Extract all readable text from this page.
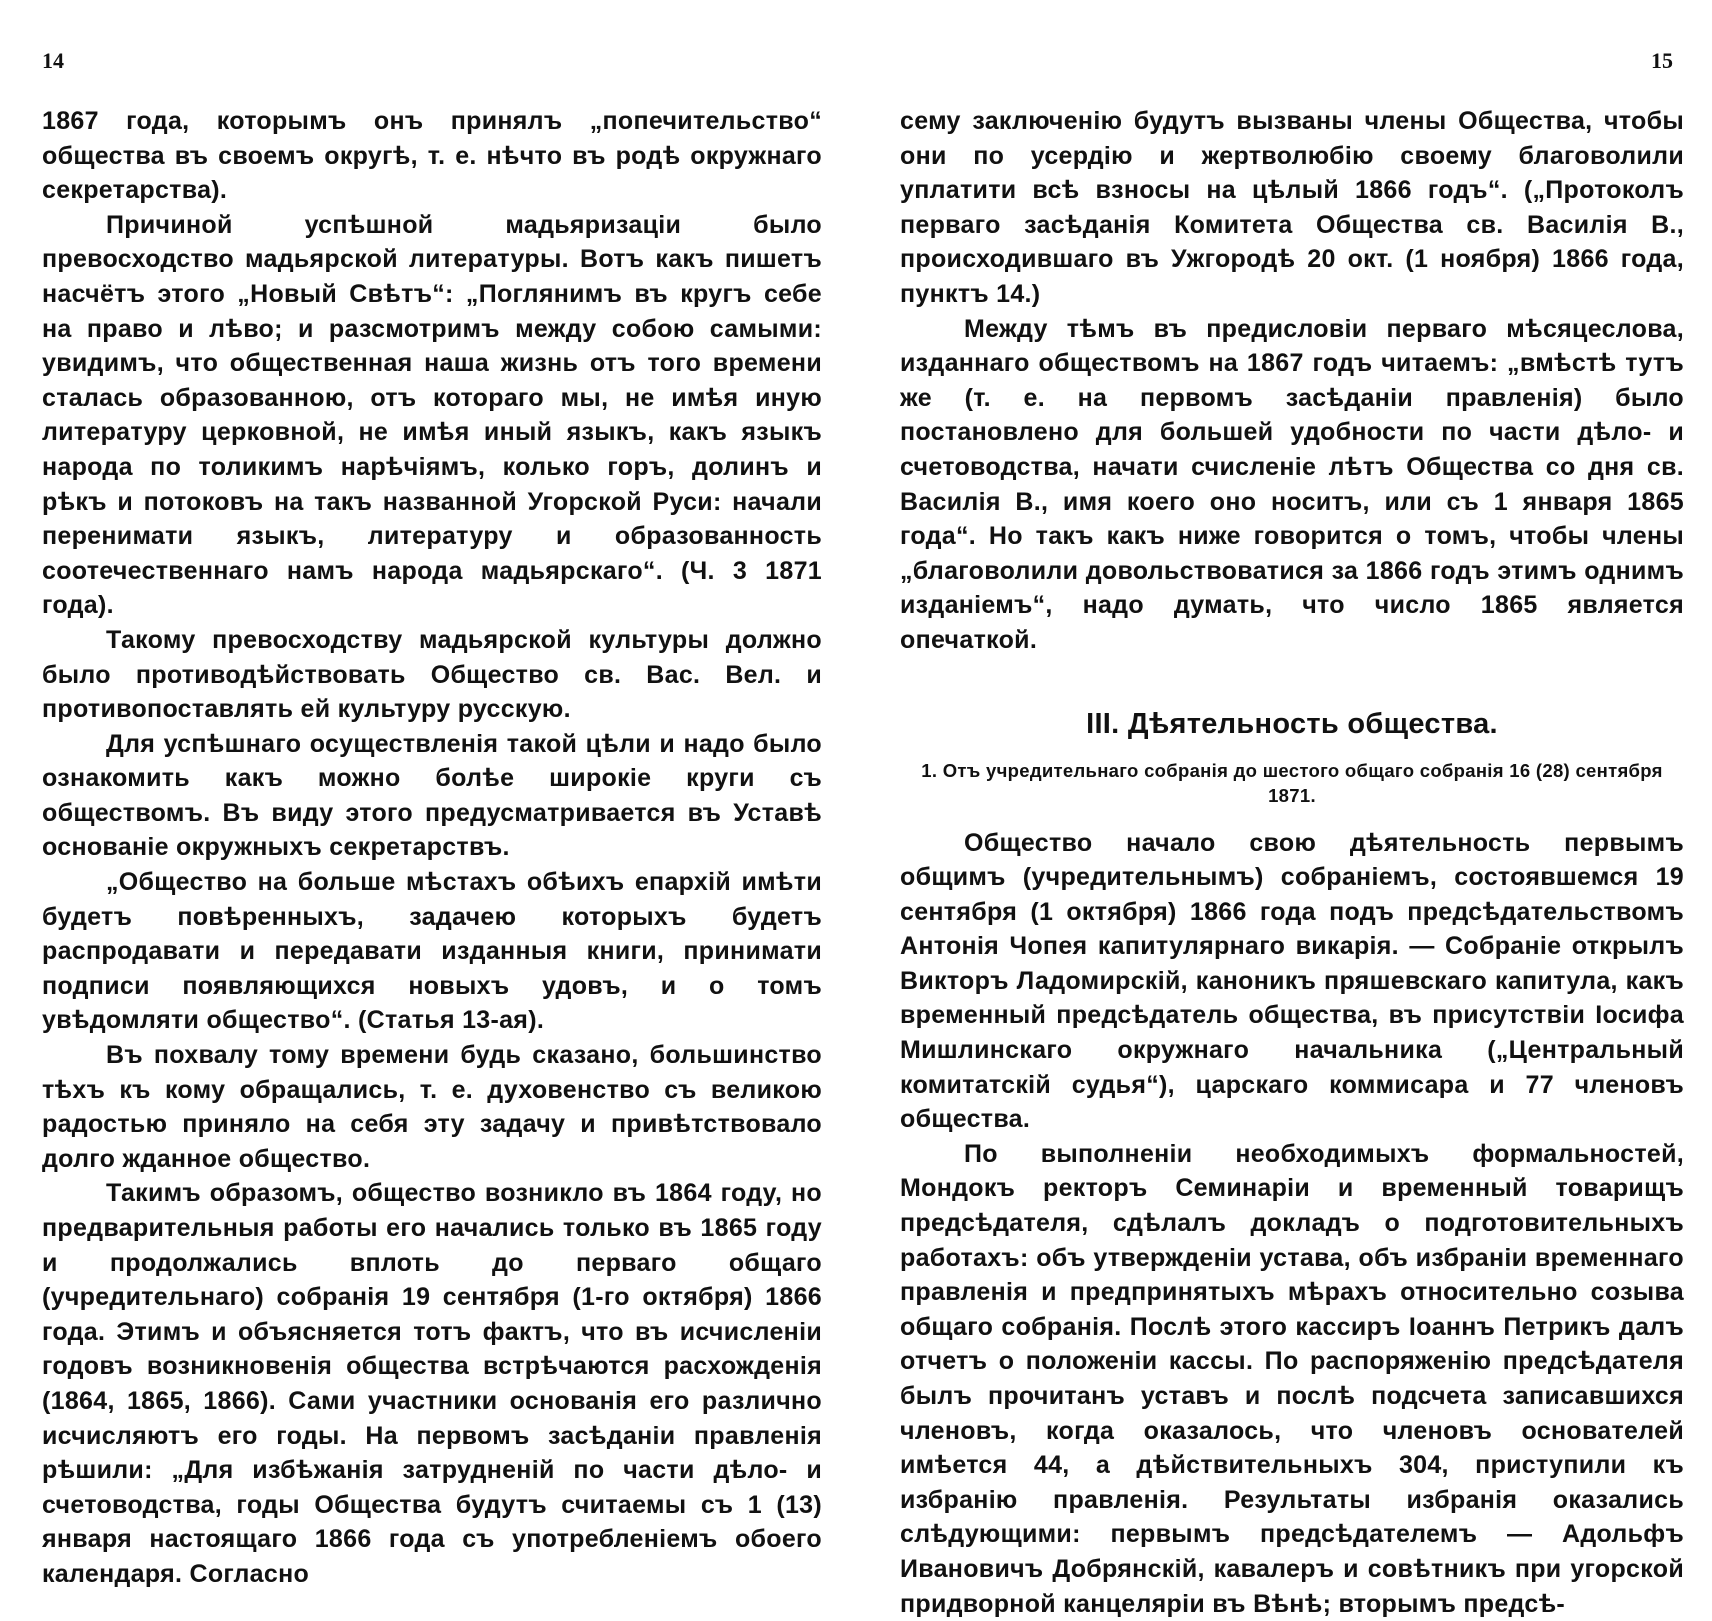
14	15

1867 года, которымъ онъ принялъ „попечительство“ общества въ своемъ округѣ, т. е. нѣчто въ родѣ окружнаго секретарства).

Причиной успѣшной мадьяризаціи было превосходство мадьярской литературы. Вотъ какъ пишетъ насчётъ этого „Новый Свѣтъ“: „Поглянимъ въ кругъ себе на право и лѣво; и разсмотримъ между собою самыми: увидимъ, что общественная наша жизнь отъ того времени сталась образованною, отъ котораго мы, не имѣя иную литературу церковной, не имѣя иный языкъ, какъ языкъ народа по толикимъ нарѣчіямъ, колько горъ, долинъ и рѣкъ и потоковъ на такъ названной Угорской Руси: начали перенимати языкъ, литературу и образованность соотечественнаго намъ народа мадьярскаго“. (Ч. 3 1871 года).

Такому превосходству мадьярской культуры должно было противодѣйствовать Общество св. Вас. Вел. и противопоставлять ей культуру русскую.

Для успѣшнаго осуществленія такой цѣли и надо было ознакомить какъ можно болѣе широкіе круги съ обществомъ. Въ виду этого предусматривается въ Уставѣ основаніе окружныхъ секретарствъ.

„Общество на больше мѣстахъ обѣихъ епархій имѣти будетъ повѣренныхъ, задачею которыхъ будетъ распродавати и передавати изданныя книги, принимати подписи появляющихся новыхъ удовъ, и о томъ увѣдомляти общество“. (Статья 13-ая).

Въ похвалу тому времени будь сказано, большинство тѣхъ къ кому обращались, т. е. духовенство съ великою радостью приняло на себя эту задачу и привѣтствовало долго жданное общество.

Такимъ образомъ, общество возникло въ 1864 году, но предварительныя работы его начались только въ 1865 году и продолжались вплоть до перваго общаго (учредительнаго) собранія 19 сентября (1-го октября) 1866 года. Этимъ и объясняется тотъ фактъ, что въ исчисленіи годовъ возникновенія общества встрѣчаются расхожденія (1864, 1865, 1866). Сами участники основанія его различно исчисляютъ его годы. На первомъ засѣданіи правленія рѣшили: „Для избѣжанія затрудненій по части дѣло- и счетоводства, годы Общества будутъ считаемы съ 1 (13) января настоящаго 1866 года съ употребленіемъ обоего календаря. Согласно

сему заключенію будутъ вызваны члены Общества, чтобы они по усердію и жертволюбію своему благоволили уплатити всѣ взносы на цѣлый 1866 годъ“. („Протоколъ перваго засѣданія Комитета Общества св. Василія В., происходившаго въ Ужгородѣ 20 окт. (1 ноября) 1866 года, пунктъ 14.)

Между тѣмъ въ предисловіи перваго мѣсяцеслова, изданнаго обществомъ на 1867 годъ читаемъ: „вмѣстѣ тутъ же (т. е. на первомъ засѣданіи правленія) было постановлено для большей удобности по части дѣло- и счетоводства, начати счисленіе лѣтъ Общества со дня св. Василія В., имя коего оно носитъ, или съ 1 января 1865 года“. Но такъ какъ ниже говорится о томъ, чтобы члены „благоволили довольствоватися за 1866 годъ этимъ однимъ изданіемъ“, надо думать, что число 1865 является опечаткой.

III. Дѣятельность общества.
1. Отъ учредительнаго собранія до шестого общаго собранія 16 (28) сентября 1871.

Общество начало свою дѣятельность первымъ общимъ (учредительнымъ) собраніемъ, состоявшемся 19 сентября (1 октября) 1866 года подъ предсѣдательствомъ Антонія Чопея капитулярнаго викарія. — Собраніе открылъ Викторъ Ладомирскій, каноникъ пряшевскаго капитула, какъ временный предсѣдатель общества, въ присутствіи Іосифа Мишлинскаго окружнаго начальника („Центральный комитатскій судья“), царскаго коммисара и 77 членовъ общества.

По выполненіи необходимыхъ формальностей, Мондокъ ректоръ Семинаріи и временный товарищъ предсѣдателя, сдѣлалъ докладъ о подготовительныхъ работахъ: объ утвержденіи устава, объ избраніи временнаго правленія и предпринятыхъ мѣрахъ относительно созыва общаго собранія. Послѣ этого кассиръ Іоаннъ Петрикъ далъ отчетъ о положеніи кассы. По распоряженію предсѣдателя былъ прочитанъ уставъ и послѣ подсчета записавшихся членовъ, когда оказалось, что членовъ основателей имѣется 44, а дѣйствительныхъ 304, приступили къ избранію правленія. Результаты избранія оказались слѣдующими: первымъ предсѣдателемъ — Адольфъ Ивановичъ Добрянскій, кавалеръ и совѣтникъ при угорской придворной канцеляріи въ Вѣнѣ; вторымъ предсѣ-
